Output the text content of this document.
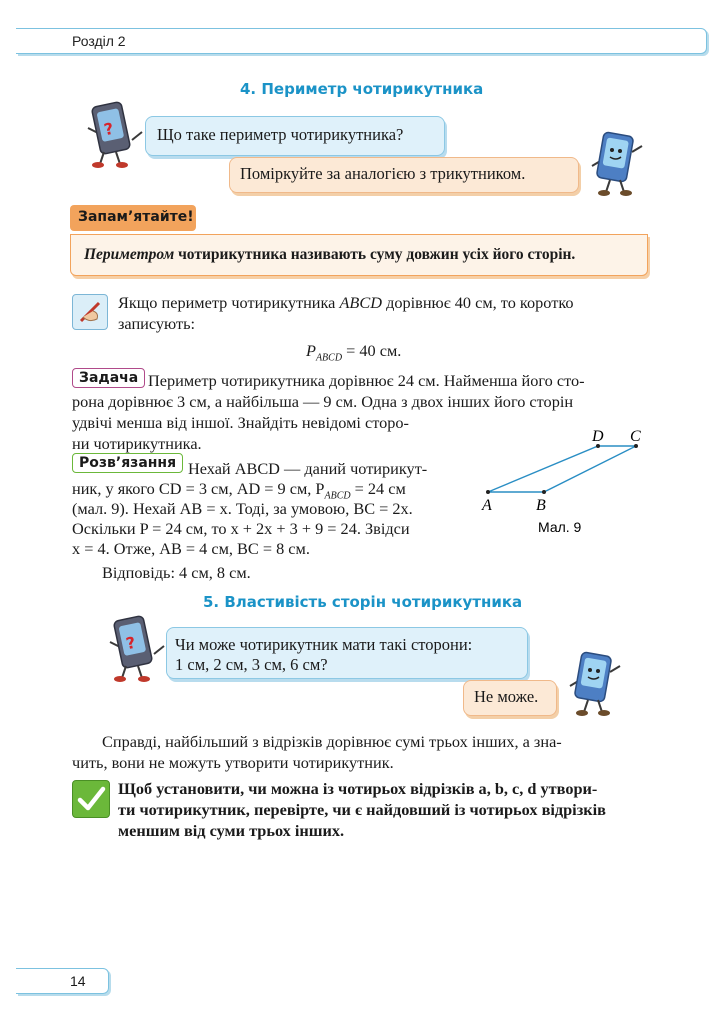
Розділ 2
4. Периметр чотирикутника
?	Що таке периметр чотирикутника?
Поміркуйте за аналогією з трикутником.
Запам’ятайте!
Периметром чотирикутника називають суму довжин усіх його сторін.
Якщо периметр чотирикутника ABCD дорівнює 40 см, то коротко
записують:
$P_{ABCD} = 40$ см.
Задача Периметр чотирикутника дорівнює 24 см. Найменша його сто-
рона дорівнює 3 см, а найбільша — 9 см. Одна з двох інших його сторін
удвічі менша від іншої. Знайдіть невідомі сторо-
ни чотирикутника.
Розв’язання Нехай ABCD — даний чотирикут-
ник, у якого CD = 3 см, AD = 9 см, $P_{ABCD} = 24$ см
(мал. 9). Нехай AB = x. Тоді, за умовою, BC = 2x.
Оскільки P = 24 см, то x + 2x + 3 + 9 = 24. Звідси
x = 4. Отже, AB = 4 см, BC = 8 см.
Відповідь: 4 см, 8 см.
A	B
D C
Мал. 9
5. Властивість сторін чотирикутника
? Чи може чотирикутник мати такі сторони:
1 см, 2 см, 3 см, 6 см?
Не може.
Справді, найбільший з відрізків дорівнює сумі трьох інших, а зна-
чить, вони не можуть утворити чотирикутник.
Щоб установити, чи можна із чотирьох відрізків a, b, c, d утвори-
ти чотирикутник, перевірте, чи є найдовший із чотирьох відрізків
меншим від суми трьох інших.
14
